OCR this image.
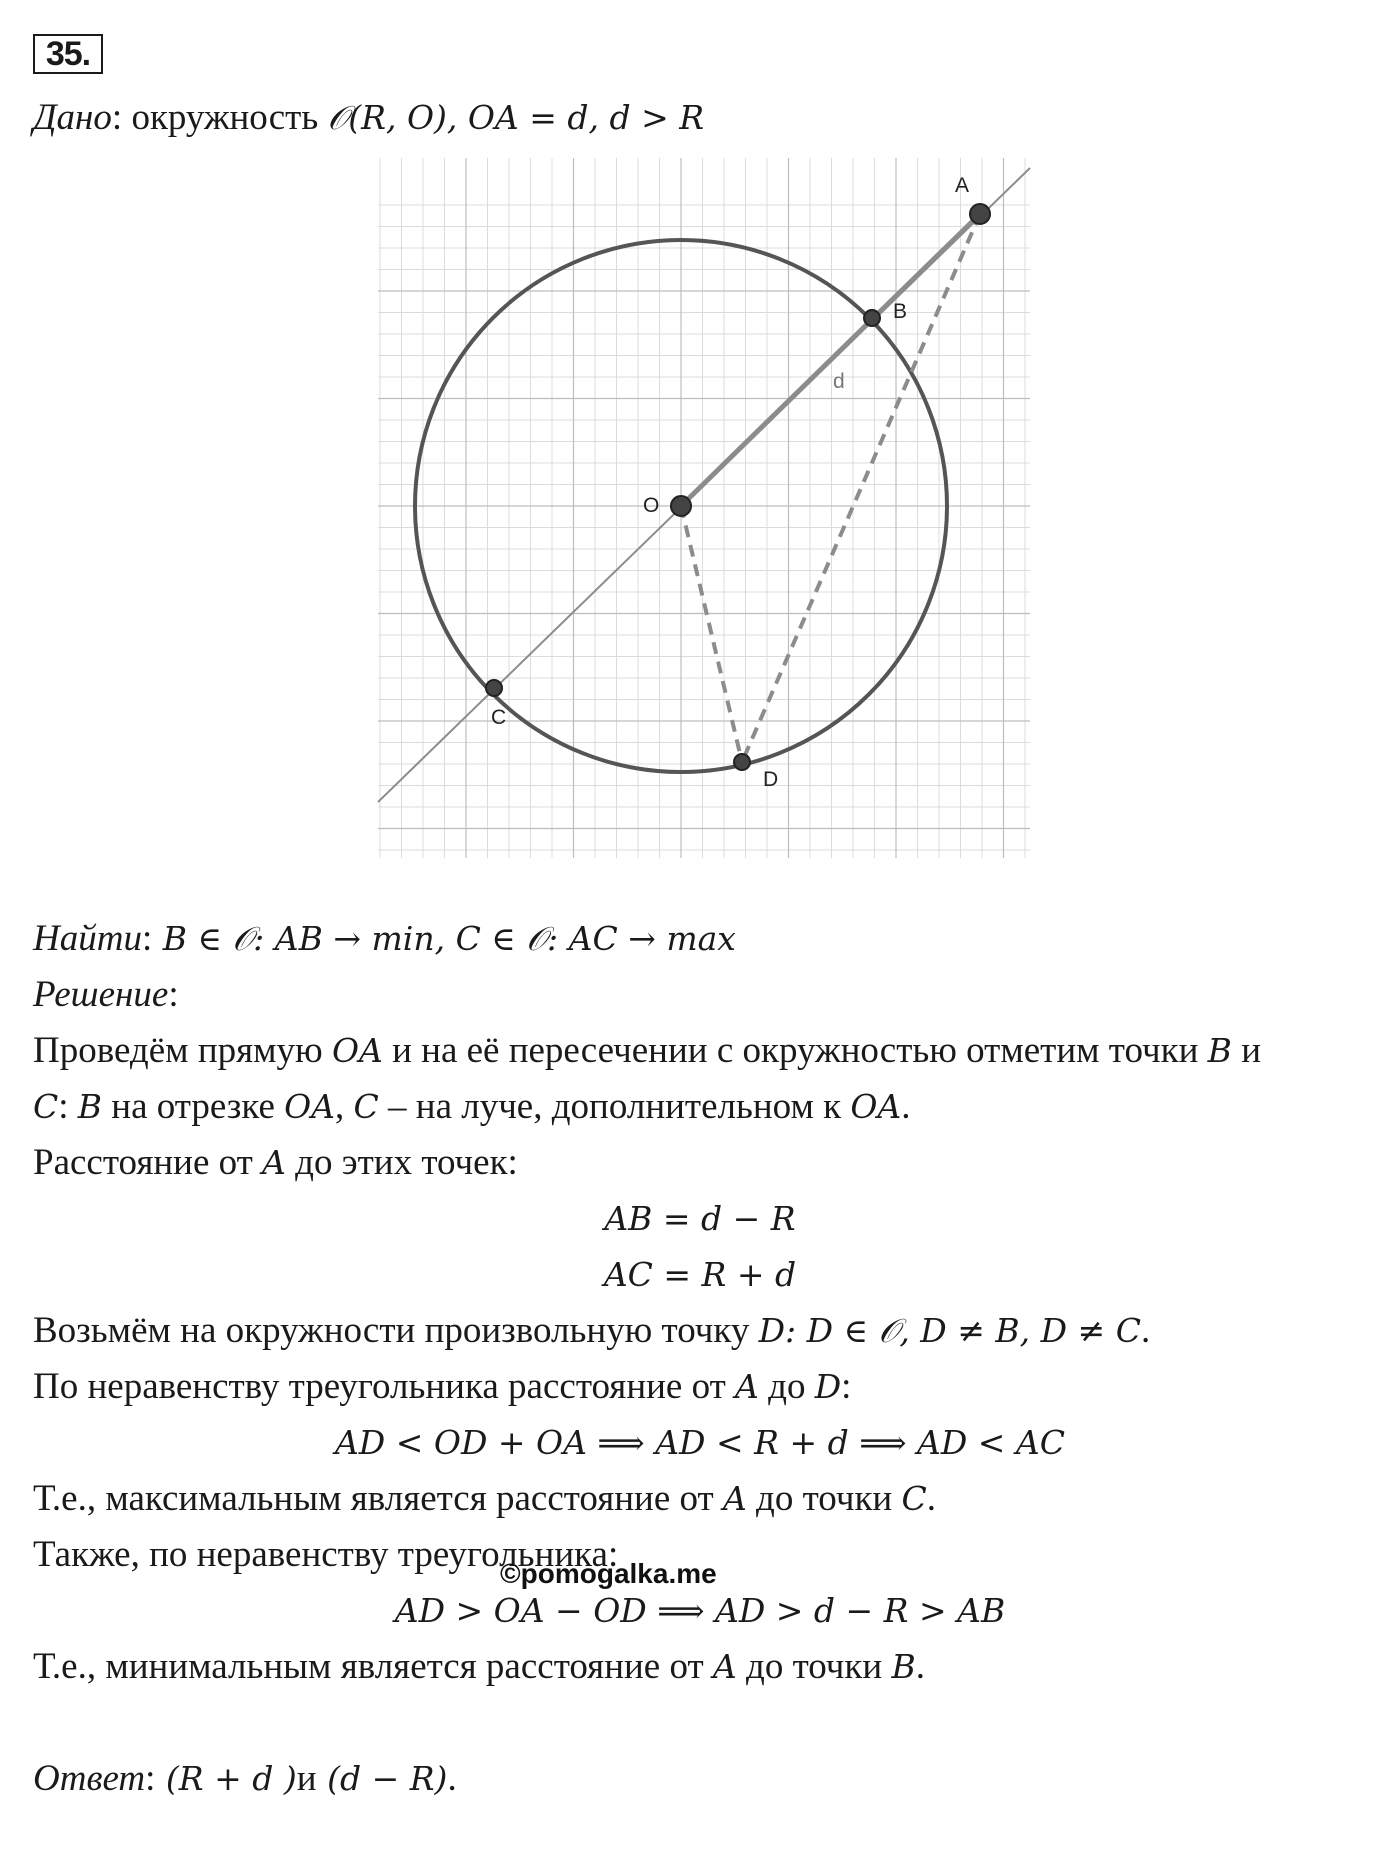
35.
Дано: окружность 𝒪(R, O), OA = d, d > R
A
B
O
C
D
d
Найти: B ∈ 𝒪: AB → min, C ∈ 𝒪: AC → max
Решение:
Проведём прямую OA и на её пересечении с окружностью отметим точки B и
C: B на отрезке OA, C – на луче, дополнительном к OA.
Расстояние от A до этих точек:
AB = d − R
AC = R + d
Возьмём на окружности произвольную точку D: D ∈ 𝒪, D ≠ B, D ≠ C.
По неравенству треугольника расстояние от A до D:
AD < OD + OA ⟹ AD < R + d ⟹ AD < AC
Т.е., максимальным является расстояние от A до точки C.
Также, по неравенству треугольника:
©pomogalka.me
AD > OA − OD ⟹ AD > d − R > AB
Т.е., минимальным является расстояние от A до точки B.
Ответ: (R + d )и (d − R).
